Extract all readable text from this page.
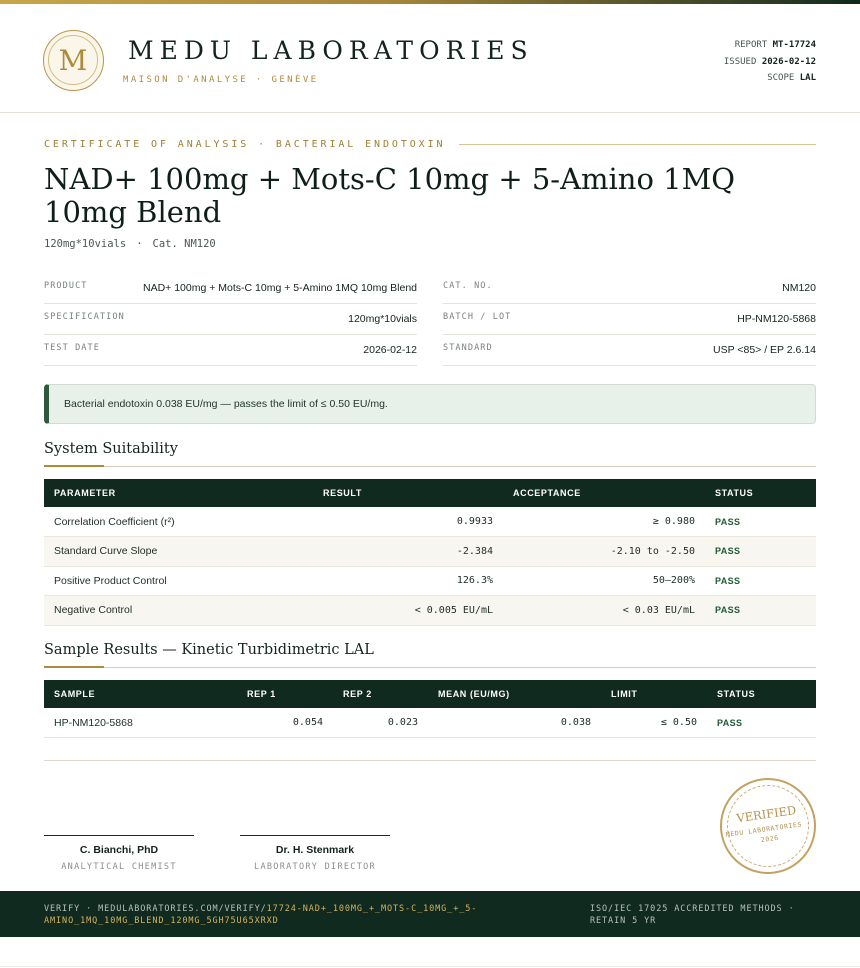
M	MEDU LABORATORIES
MAISON D'ANALYSE · GENÈVE
REPORT MT-17724
ISSUED 2026-02-12
SCOPE LAL
CERTIFICATE OF ANALYSIS · BACTERIAL ENDOTOXIN
NAD+ 100mg + Mots-C 10mg + 5-Amino 1MQ 10mg Blend
120mg*10vials · Cat. NM120
PRODUCT	NAD+ 100mg + Mots-C 10mg + 5-Amino 1MQ 10mg Blend
SPECIFICATION	120mg*10vials
TEST DATE	2026-02-12
CAT. NO.	NM120
BATCH / LOT	HP-NM120-5868
STANDARD	USP <85> / EP 2.6.14
Bacterial endotoxin 0.038 EU/mg — passes the limit of ≤ 0.50 EU/mg.
System Suitability
PARAMETER	RESULT	ACCEPTANCE	STATUS
Correlation Coefficient (r²)	0.9933	≥ 0.980	PASS
Standard Curve Slope	-2.384	-2.10 to -2.50	PASS
Positive Product Control	126.3%	50–200%	PASS
Negative Control	< 0.005 EU/mL	< 0.03 EU/mL	PASS
Sample Results — Kinetic Turbidimetric LAL
SAMPLE	REP 1	REP 2	MEAN (EU/MG)	LIMIT	STATUS
HP-NM120-5868	0.054	0.023	0.038	≤ 0.50	PASS
C. Bianchi, PhD
ANALYTICAL CHEMIST
Dr. H. Stenmark
LABORATORY DIRECTOR
VERIFIED
MEDU LABORATORIES · 2026
VERIFY · MEDULABORATORIES.COM/VERIFY/17724-NAD+_100MG_+_MOTS-C_10MG_+_5-AMINO_1MQ_10MG_BLEND_120MG_5GH75U65XRXD
ISO/IEC 17025 ACCREDITED METHODS · RETAIN 5 YR
